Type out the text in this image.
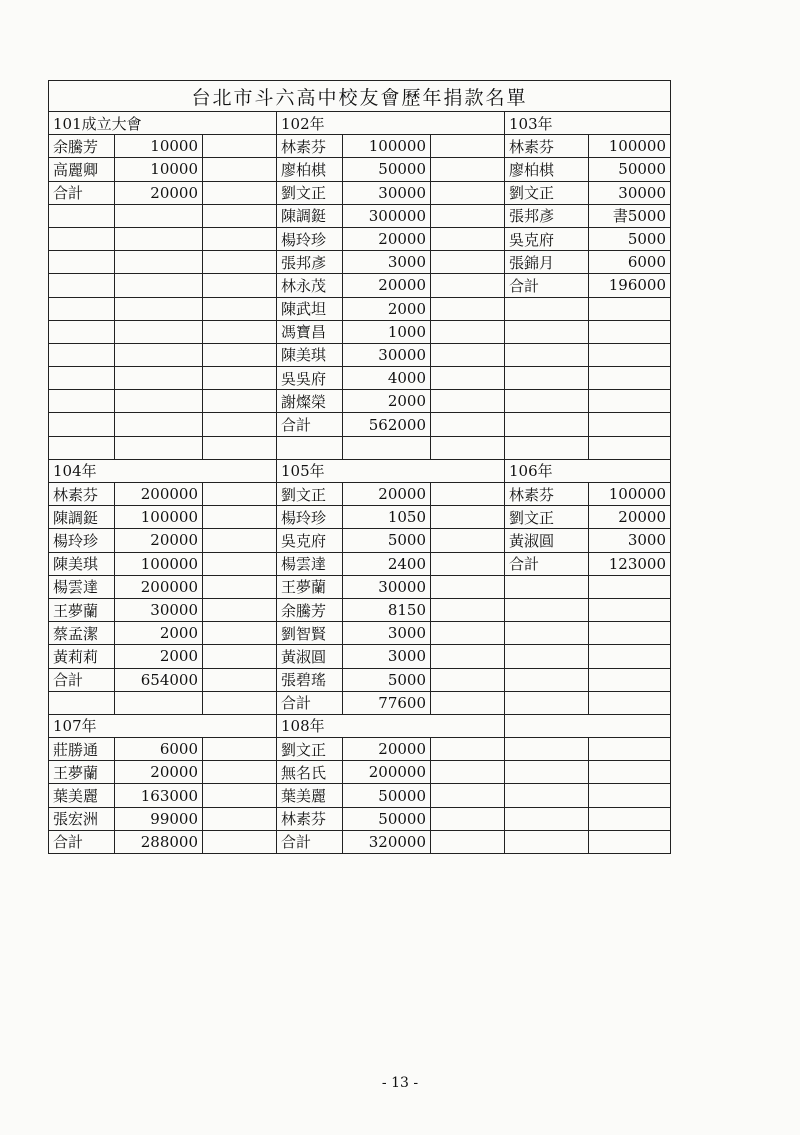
台北市斗六高中校友會歷年捐款名單							
101成立大會			102年			103年	
余騰芳	10000		林素芬	100000		林素芬	100000
高麗卿	10000		廖柏棋	50000		廖柏棋	50000
合計	20000		劉文正	30000		劉文正	30000
			陳調鋌	300000		張邦彥	書5000
			楊玲珍	20000		吳克府	5000
			張邦彥	3000		張錦月	6000
			林永茂	20000		合計	196000
			陳武坦	2000			
			馮寶昌	1000			
			陳美琪	30000			
			吳吳府	4000			
			謝燦榮	2000			
			合計	562000			

104年			105年			106年	
林素芬	200000		劉文正	20000		林素芬	100000
陳調鋌	100000		楊玲珍	1050		劉文正	20000
楊玲珍	20000		吳克府	5000		黃淑圓	3000
陳美琪	100000		楊雲達	2400		合計	123000
楊雲達	200000		王夢蘭	30000			
王夢蘭	30000		余騰芳	8150			
蔡孟潔	2000		劉智賢	3000			
黃莉莉	2000		黃淑圓	3000			
合計	654000		張碧瑤	5000			
			合計	77600			
107年			108年				
莊勝通	6000		劉文正	20000			
王夢蘭	20000		無名氏	200000			
葉美麗	163000		葉美麗	50000			
張宏洲	99000		林素芬	50000			
合計	288000		合計	320000			
- 13 -
